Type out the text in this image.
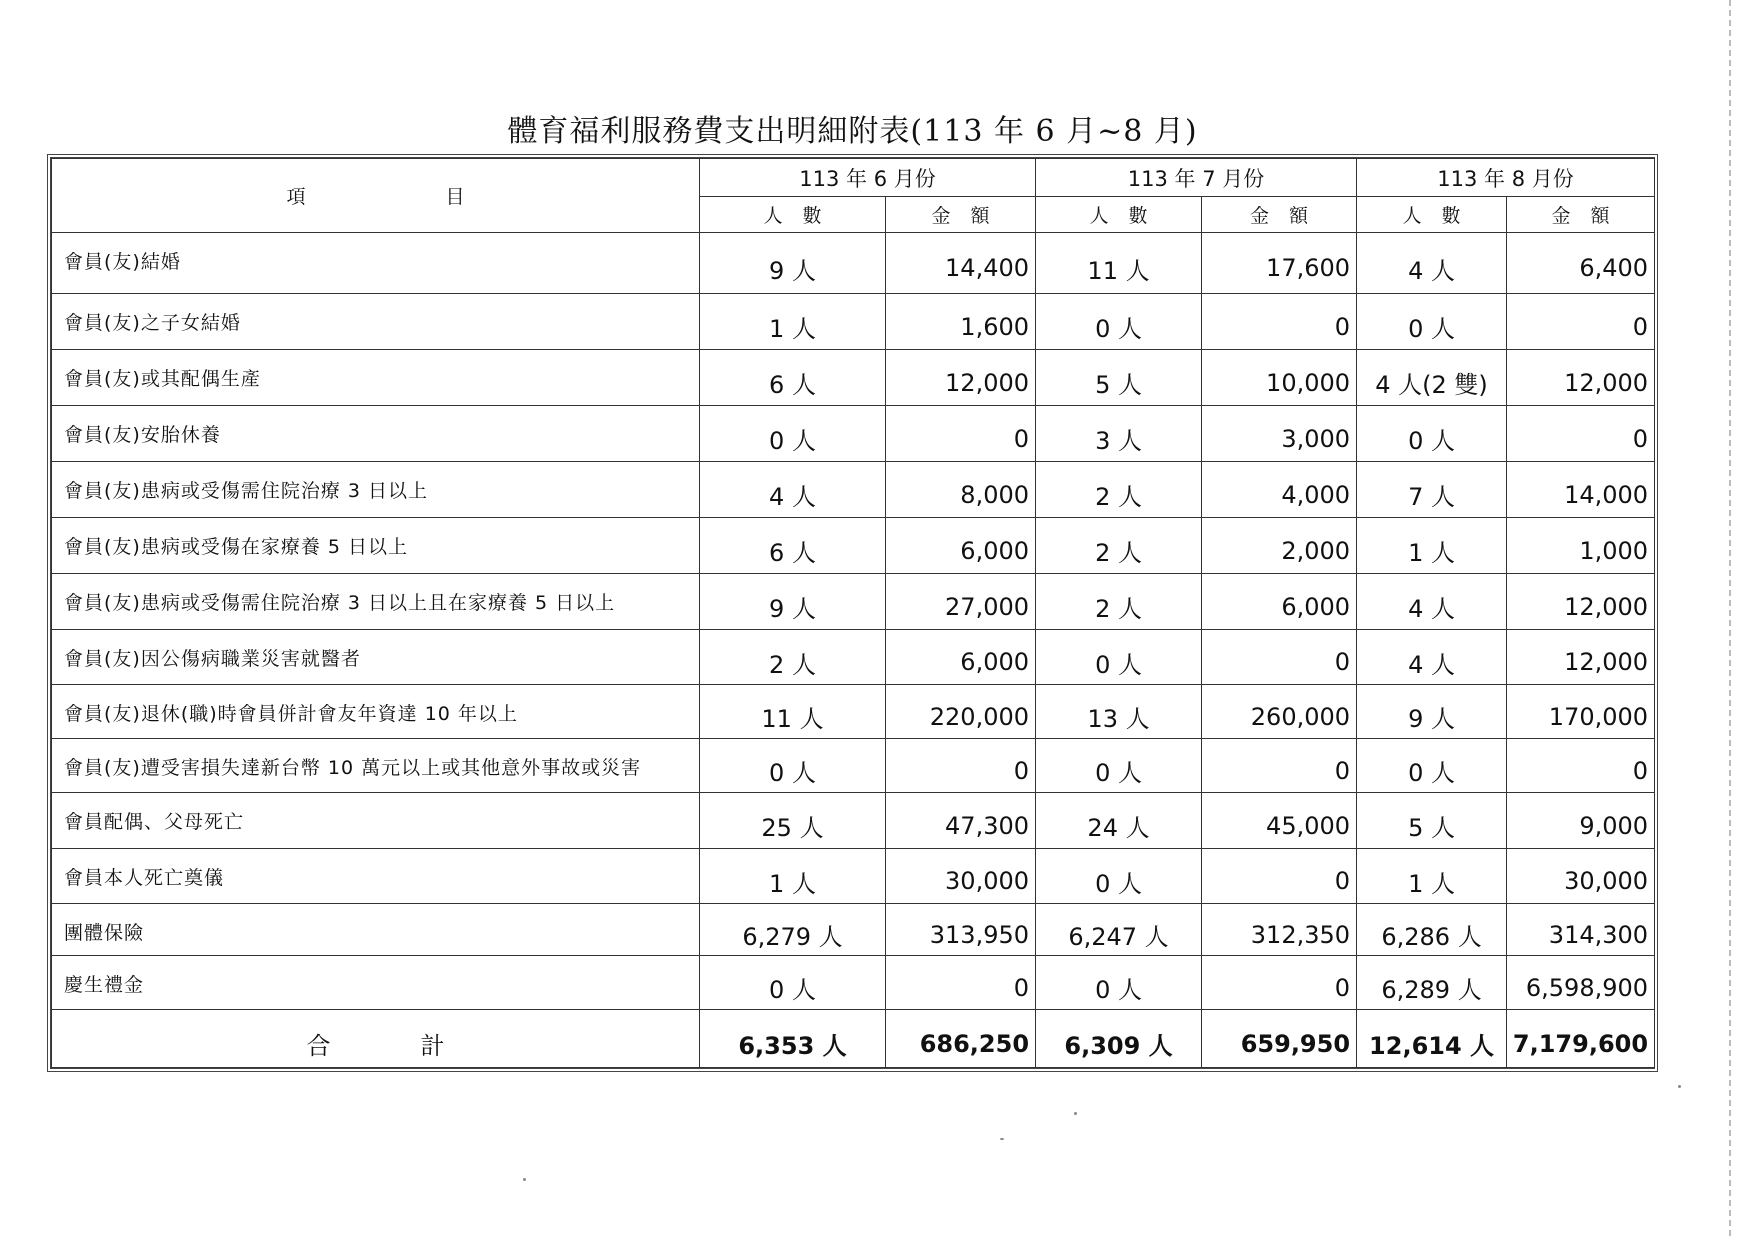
體育福利服務費支出明細附表(113 年 6 月~8 月)
項目	113 年 6 月份		113 年 7 月份		113 年 8 月份	
	人數	金額	人數	金額	人數	金額
會員(友)結婚	9 人	14,400	11 人	17,600	4 人	6,400
會員(友)之子女結婚	1 人	1,600	0 人	0	0 人	0
會員(友)或其配偶生產	6 人	12,000	5 人	10,000	4 人(2 雙)	12,000
會員(友)安胎休養	0 人	0	3 人	3,000	0 人	0
會員(友)患病或受傷需住院治療 3 日以上	4 人	8,000	2 人	4,000	7 人	14,000
會員(友)患病或受傷在家療養 5 日以上	6 人	6,000	2 人	2,000	1 人	1,000
會員(友)患病或受傷需住院治療 3 日以上且在家療養 5 日以上	9 人	27,000	2 人	6,000	4 人	12,000
會員(友)因公傷病職業災害就醫者	2 人	6,000	0 人	0	4 人	12,000
會員(友)退休(職)時會員併計會友年資達 10 年以上	11 人	220,000	13 人	260,000	9 人	170,000
會員(友)遭受害損失達新台幣 10 萬元以上或其他意外事故或災害	0 人	0	0 人	0	0 人	0
會員配偶、父母死亡	25 人	47,300	24 人	45,000	5 人	9,000
會員本人死亡奠儀	1 人	30,000	0 人	0	1 人	30,000
團體保險	6,279 人	313,950	6,247 人	312,350	6,286 人	314,300
慶生禮金	0 人	0	0 人	0	6,289 人	6,598,900
合計	6,353 人	686,250	6,309 人	659,950	12,614 人	7,179,600
